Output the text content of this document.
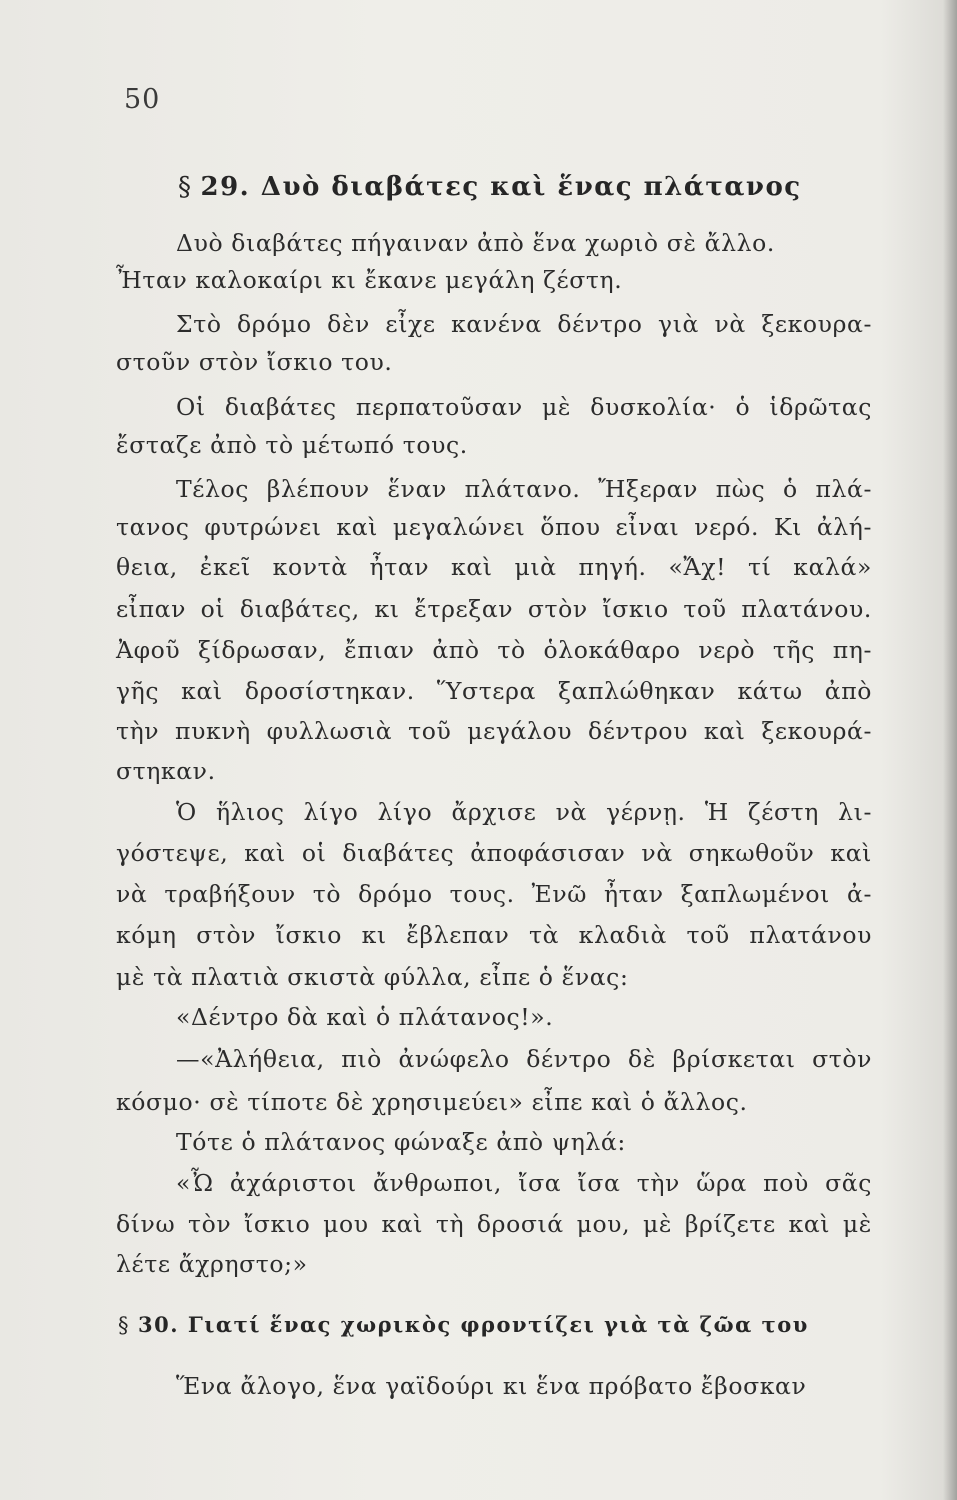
50
§ 29. Δυὸ διαβάτες καὶ ἕνας πλάτανος
Δυὸ διαβάτες πήγαιναν ἀπὸ ἕνα χωριὸ σὲ ἄλλο.
Ἦταν καλοκαίρι κι ἔκανε μεγάλη ζέστη.
Στὸ δρόμο δὲν εἶχε κανένα δέντρο γιὰ νὰ ξεκουρα-
στοῦν στὸν ἴσκιο του.
Οἱ διαβάτες περπατοῦσαν μὲ δυσκολία· ὁ ἱδρῶτας
ἔσταζε ἀπὸ τὸ μέτωπό τους.
Τέλος βλέπουν ἕναν πλάτανο. Ἤξεραν πὼς ὁ πλά-
τανος φυτρώνει καὶ μεγαλώνει ὅπου εἶναι νερό. Κι ἀλή-
θεια, ἐκεῖ κοντὰ ἦταν καὶ μιὰ πηγή. «Ἄχ! τί καλά»
εἶπαν οἱ διαβάτες, κι ἔτρεξαν στὸν ἴσκιο τοῦ πλατάνου.
Ἀφοῦ ξίδρωσαν, ἔπιαν ἀπὸ τὸ ὁλοκάθαρο νερὸ τῆς πη-
γῆς καὶ δροσίστηκαν. Ὕστερα ξαπλώθηκαν κάτω ἀπὸ
τὴν πυκνὴ φυλλωσιὰ τοῦ μεγάλου δέντρου καὶ ξεκουρά-
στηκαν.
Ὁ ἥλιος λίγο λίγο ἄρχισε νὰ γέρνῃ. Ἡ ζέστη λι-
γόστεψε, καὶ οἱ διαβάτες ἀποφάσισαν νὰ σηκωθοῦν καὶ
νὰ τραβήξουν τὸ δρόμο τους. Ἐνῶ ἦταν ξαπλωμένοι ἀ-
κόμη στὸν ἴσκιο κι ἔβλεπαν τὰ κλαδιὰ τοῦ πλατάνου
μὲ τὰ πλατιὰ σκιστὰ φύλλα, εἶπε ὁ ἕνας:
«Δέντρο δὰ καὶ ὁ πλάτανος!».
—«Ἀλήθεια, πιὸ ἀνώφελο δέντρο δὲ βρίσκεται στὸν
κόσμο· σὲ τίποτε δὲ χρησιμεύει» εἶπε καὶ ὁ ἄλλος.
Τότε ὁ πλάτανος φώναξε ἀπὸ ψηλά:
«Ὦ ἀχάριστοι ἄνθρωποι, ἴσα ἴσα τὴν ὥρα ποὺ σᾶς
δίνω τὸν ἴσκιο μου καὶ τὴ δροσιά μου, μὲ βρίζετε καὶ μὲ
λέτε ἄχρηστο;»
§ 30. Γιατί ἕνας χωρικὸς φροντίζει γιὰ τὰ ζῶα του
Ἕνα ἄλογο, ἕνα γαϊδούρι κι ἕνα πρόβατο ἔβοσκαν
